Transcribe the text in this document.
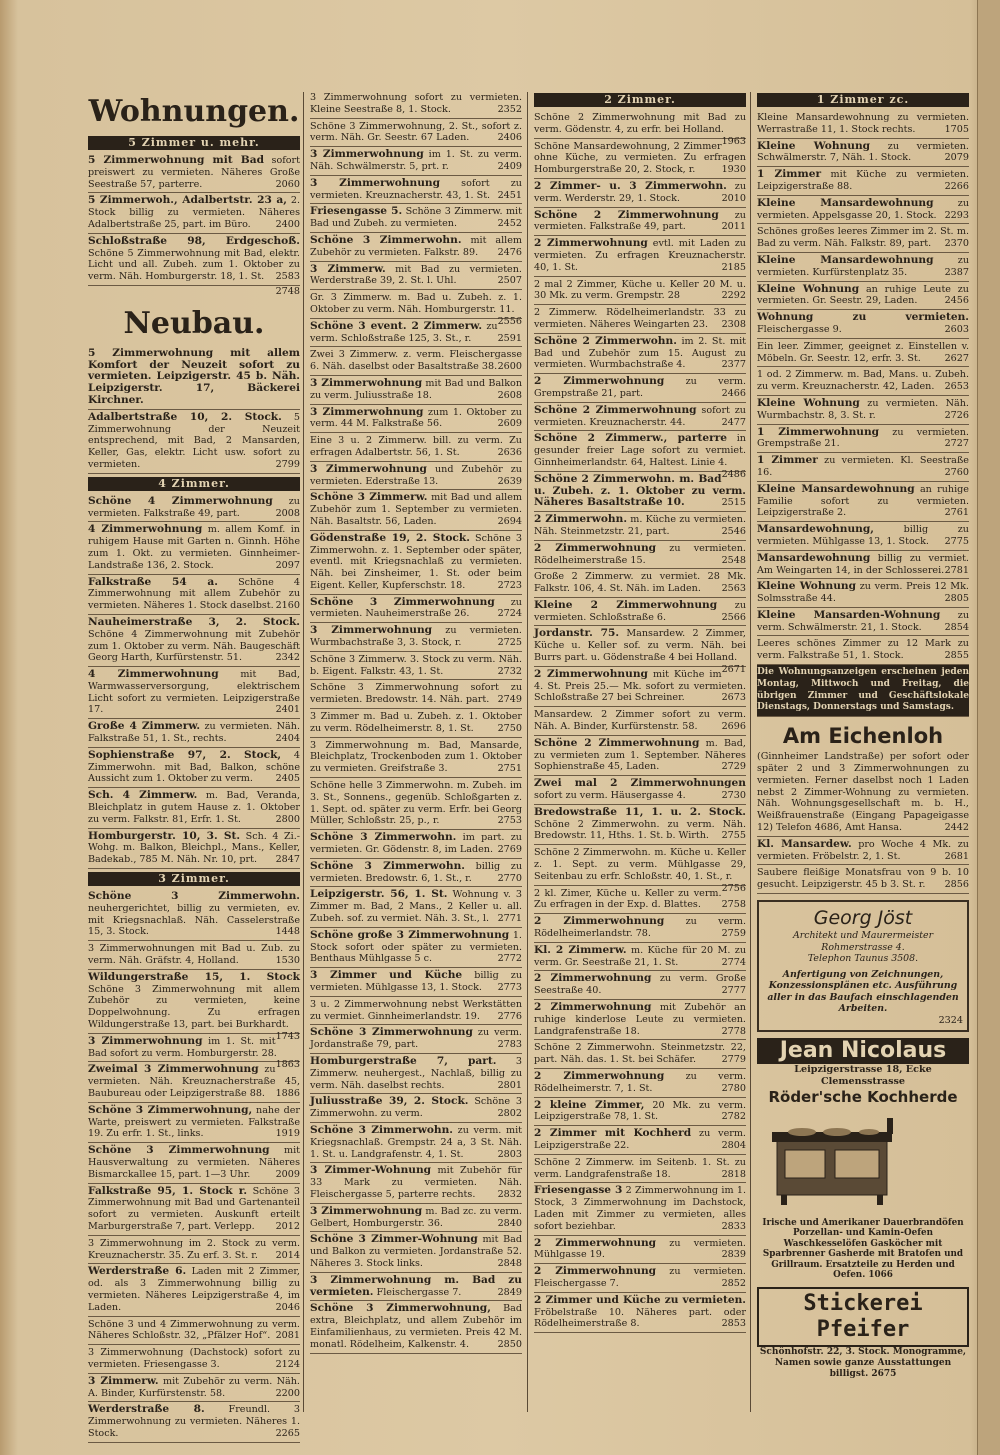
Wohnungen.
5 Zimmer u. mehr.
5 Zimmerwohnung mit Bad sofort preiswert zu vermieten. Näheres Große Seestraße 57, parterre.	2060
5 Zimmerwoh., Adalbertstr. 23 a, 2. Stock billig zu vermieten. Näheres Adalbertstraße 25, part. im Büro.	2400
Schloßstraße 98, Erdgeschoß. Schöne 5 Zimmerwohnung mit Bad, elektr. Licht und all. Zubeh. zum 1. Oktober zu verm. Näh. Homburgerstr. 18, 1. St. 2583
2748
Neubau.
5 Zimmerwohnung mit allem Komfort der Neuzeit sofort zu vermieten. Leipzigerstr. 45 b. Näh. Leipzigerstr. 17, Bäckerei Kirchner.
Adalbertstraße 10, 2. Stock. 5 Zimmerwohnung der Neuzeit entsprechend, mit Bad, 2 Mansarden, Keller, Gas, elektr. Licht usw. sofort zu vermieten.	2799
4 Zimmer.
Schöne 4 Zimmerwohnung zu vermieten. Falkstraße 49, part.	2008
4 Zimmerwohnung m. allem Komf. in ruhigem Hause mit Garten n. Ginnh. Höhe zum 1. Okt. zu vermieten. Ginnheimer-Landstraße 136, 2. Stock.	2097
Falkstraße 54 a. Schöne 4 Zimmerwohnung mit allem Zubehör zu vermieten. Näheres 1. Stock daselbst. 2160
Nauheimerstraße 3, 2. Stock. Schöne 4 Zimmerwohnung mit Zubehör zum 1. Oktober zu verm. Näh. Baugeschäft Georg Harth, Kurfürstenstr. 51.	2342
4 Zimmerwohnung mit Bad, Warmwasserversorgung, elektrischem Licht sofort zu vermieten. Leipzigerstraße 17.	2401
Große 4 Zimmerw. zu vermieten. Näh. Falkstraße 51, 1. St., rechts.	2404
Sophienstraße 97, 2. Stock, 4 Zimmerwohn. mit Bad, Balkon, schöne Aussicht zum 1. Oktober zu verm. 2405
Sch. 4 Zimmerw. m. Bad, Veranda, Bleichplatz in gutem Hause z. 1. Oktober zu verm. Falkstr. 81, Erfr. 1. St.	2800
Homburgerstr. 10, 3. St. Sch. 4 Zi.-Wohg. m. Balkon, Bleichpl., Mans., Keller, Badekab., 785 M. Näh. Nr. 10, prt. 2847
3 Zimmer.
Schöne 3 Zimmerwohn. neuhergerichtet, billig zu vermieten, ev. mit Kriegsnachlaß. Näh. Casselerstraße 15, 3. Stock.	1448
3 Zimmerwohnungen mit Bad u. Zub. zu verm. Näh. Gräfstr. 4, Holland.	1530
Wildungerstraße 15, 1. Stock Schöne 3 Zimmerwohnung mit allem Zubehör zu vermieten, keine Doppelwohnung. Zu erfragen Wildungerstraße 13, part. bei Burkhardt.
1743
3 Zimmerwohnung im 1. St. mit Bad sofort zu verm. Homburgerstr. 28.
1863
Zweimal 3 Zimmerwohnung zu vermieten. Näh. Kreuznacherstraße 45, Baubureau oder Leipzigerstraße 88. 1886
Schöne 3 Zimmerwohnung, nahe der Warte, preiswert zu vermieten. Falkstraße 19. Zu erfr. 1. St., links.	1919
Schöne 3 Zimmerwohnung mit Hausverwaltung zu vermieten. Näheres Bismarckallee 15, part. 1—3 Uhr.	2009
Falkstraße 95, 1. Stock r. Schöne 3 Zimmerwohnung mit Bad und Gartenanteil sofort zu vermieten. Auskunft erteilt Marburgerstraße 7, part. Verlepp. 2012
3 Zimmerwohnung im 2. Stock zu verm. Kreuznacherstr. 35. Zu erf. 3. St. r. 2014
Werderstraße 6. Laden mit 2 Zimmer, od. als 3 Zimmerwohnung billig zu vermieten. Näheres Leipzigerstraße 4, im Laden.	2046
Schöne 3 und 4 Zimmerwohnung zu verm. Näheres Schloßstr. 32, „Pfälzer Hof“. 2081
3 Zimmerwohnung (Dachstock) sofort zu vermieten. Friesengasse 3.	2124
3 Zimmerw. mit Zubehör zu verm. Näh. A. Binder, Kurfürstenstr. 58.	2200
Werderstraße 8. Freundl. 3 Zimmerwohnung zu vermieten. Näheres 1. Stock.	2265
3 Zimmerwohnung sofort zu vermieten. Kleine Seestraße 8, 1. Stock.	2352
Schöne 3 Zimmerwohnung, 2. St., sofort z. verm. Näh. Gr. Seestr. 67 Laden.	2406
3 Zimmerwohnung im 1. St. zu verm. Näh. Schwälmerstr. 5, prt. r.	2409
3 Zimmerwohnung sofort zu vermieten. Kreuznacherstr. 43, 1. St. 2451
Friesengasse 5. Schöne 3 Zimmerw. mit Bad und Zubeh. zu vermieten.	2452
Schöne 3 Zimmerwohn. mit allem Zubehör zu vermieten. Falkstr. 89. 2476
3 Zimmerw. mit Bad zu vermieten. Werderstraße 39, 2. St. l. Uhl.	2507
Gr. 3 Zimmerw. m. Bad u. Zubeh. z. 1. Oktober zu verm. Näh. Homburgerstr. 11.
2556
Schöne 3 event. 2 Zimmerw. zu verm. Schloßstraße 125, 3. St., r.	2591
Zwei 3 Zimmerw. z. verm. Fleischergasse 6. Näh. daselbst oder Basaltstraße 38. 2600
3 Zimmerwohnung mit Bad und Balkon zu verm. Juliusstraße 18.	2608
3 Zimmerwohnung zum 1. Oktober zu verm. 44 M. Falkstraße 56.	2609
Eine 3 u. 2 Zimmerw. bill. zu verm. Zu erfragen Adalbertstr. 56, 1. St.	2636
3 Zimmerwohnung und Zubehör zu vermieten. Ederstraße 13.	2639
Schöne 3 Zimmerw. mit Bad und allem Zubehör zum 1. September zu vermieten. Näh. Basaltstr. 56, Laden.	2694
Gödenstraße 19, 2. Stock. Schöne 3 Zimmerwohn. z. 1. September oder später, eventl. mit Kriegsnachlaß zu vermieten. Näh. bei Zinsheimer, 1. St. oder beim Eigent. Keller, Kupferschstr. 18.	2723
Schöne 3 Zimmerwohnung zu vermieten. Nauheimerstraße 26.	2724
3 Zimmerwohnung zu vermieten. Wurmbachstraße 3, 3. Stock, r.	2725
Schöne 3 Zimmerw. 3. Stock zu verm. Näh. b. Eigent. Falkstr. 43, 1. St.	2732
Schöne 3 Zimmerwohnung sofort zu vermieten. Bredowstr. 14. Näh. part. 2749
3 Zimmer m. Bad u. Zubeh. z. 1. Oktober zu verm. Rödelheimerstr. 8, 1. St. 2750
3 Zimmerwohnung m. Bad, Mansarde, Bleichplatz, Trockenboden zum 1. Oktober zu vermieten. Greifstraße 3.	2751
Schöne helle 3 Zimmerwohn. m. Zubeh. im 3. St., Sonnens., gegenüb. Schloßgarten z. 1. Sept. od. später zu verm. Erfr. bei Georg Müller, Schloßstr. 25, p., r.	2753
Schöne 3 Zimmerwohn. im part. zu vermieten. Gr. Gödenstr. 8, im Laden. 2769
Schöne 3 Zimmerwohn. billig zu vermieten. Bredowstr. 6, 1. St., r.	2770
Leipzigerstr. 56, 1. St. Wohnung v. 3 Zimmer m. Bad, 2 Mans., 2 Keller u. all. Zubeh. sof. zu vermiet. Näh. 3. St., l. 2771
Schöne große 3 Zimmerwohnung 1. Stock sofort oder später zu vermieten. Benthaus Mühlgasse 5 c.	2772
3 Zimmer und Küche billig zu vermieten. Mühlgasse 13, 1. Stock. 2773
3 u. 2 Zimmerwohnung nebst Werkstätten zu vermiet. Ginnheimerlandstr. 19. 2776
Schöne 3 Zimmerwohnung zu verm. Jordanstraße 79, part.	2783
Homburgerstraße 7, part. 3 Zimmerw. neuhergest., Nachlaß, billig zu verm. Näh. daselbst rechts.	2801
Juliusstraße 39, 2. Stock. Schöne 3 Zimmerwohn. zu verm.	2802
Schöne 3 Zimmerwohn. zu verm. mit Kriegsnachlaß. Grempstr. 24 a, 3 St. Näh. 1. St. u. Landgrafenstr. 4, 1. St.	2803
3 Zimmer-Wohnung mit Zubehör für 33 Mark zu vermieten. Näh. Fleischergasse 5, parterre rechts. 2832
3 Zimmerwohnung m. Bad zc. zu verm. Gelbert, Homburgerstr. 36.	2840
Schöne 3 Zimmer-Wohnung mit Bad und Balkon zu vermieten. Jordanstraße 52. Näheres 3. Stock links.	2848
3 Zimmerwohnung m. Bad zu vermieten. Fleischergasse 7.	2849
Schöne 3 Zimmerwohnung, Bad extra, Bleichplatz, und allem Zubehör im Einfamilienhaus, zu vermieten. Preis 42 M. monatl. Rödelheim, Kalkenstr. 4.	2850
2 Zimmer.
Schöne 2 Zimmerwohnung mit Bad zu verm. Gödenstr. 4, zu erfr. bei Holland.
1963
Schöne Mansardewohnung, 2 Zimmer ohne Küche, zu vermieten. Zu erfragen Homburgerstraße 20, 2. Stock, r.	1930
2 Zimmer- u. 3 Zimmerwohn. zu verm. Werderstr. 29, 1. Stock.	2010
Schöne 2 Zimmerwohnung zu vermieten. Falkstraße 49, part.	2011
2 Zimmerwohnung evtl. mit Laden zu vermieten. Zu erfragen Kreuznacherstr. 40, 1. St.	2185
2 mal 2 Zimmer, Küche u. Keller 20 M. u. 30 Mk. zu verm. Grempstr. 28	2292
2 Zimmerw. Rödelheimerlandstr. 33 zu vermieten. Näheres Weingarten 23. 2308
Schöne 2 Zimmerwohn. im 2. St. mit Bad und Zubehör zum 15. August zu vermieten. Wurmbachstraße 4.	2377
2 Zimmerwohnung zu verm. Grempstraße 21, part.	2466
Schöne 2 Zimmerwohnung sofort zu vermieten. Kreuznacherstr. 44.	2477
Schöne 2 Zimmerw., parterre in gesunder freier Lage sofort zu vermiet. Ginnheimerlandstr. 64, Haltest. Linie 4.
2486
Schöne 2 Zimmerwohn. m. Bad u. Zubeh. z. 1. Oktober zu verm. Näheres Basaltstraße 10.	2515
2 Zimmerwohn. m. Küche zu vermieten. Näh. Steinmetzstr. 21, part.	2546
2 Zimmerwohnung zu vermieten. Rödelheimerstraße 15.	2548
Große 2 Zimmerw. zu vermiet. 28 Mk. Falkstr. 106, 4. St. Näh. im Laden. 2563
Kleine 2 Zimmerwohnung zu vermieten. Schloßstraße 6.	2566
Jordanstr. 75. Mansardew. 2 Zimmer, Küche u. Keller sof. zu verm. Näh. bei Burrs part. u. Gödenstraße 4 bei Holland.
2671
2 Zimmerwohnung mit Küche im 4. St. Preis 25.— Mk. sofort zu vermieten. Schloßstraße 27 bei Schreiner.	2673
Mansardew. 2 Zimmer sofort zu verm. Näh. A. Binder, Kurfürstenstr. 58.	2696
Schöne 2 Zimmerwohnung m. Bad, zu vermieten zum 1. September. Näheres Sophienstraße 45, Laden.	2729
Zwei mal 2 Zimmerwohnungen sofort zu verm. Häusergasse 4.	2730
Bredowstraße 11, 1. u. 2. Stock. Schöne 2 Zimmerwohn. zu verm. Näh. Bredowstr. 11, Hths. 1. St. b. Wirth. 2755
Schöne 2 Zimmerwohn. m. Küche u. Keller z. 1. Sept. zu verm. Mühlgasse 29, Seitenbau zu erfr. Schloßstr. 40, 1. St., r.
2756
2 kl. Zimer, Küche u. Keller zu verm. Zu erfragen in der Exp. d. Blattes. 2758
2 Zimmerwohnung zu verm. Rödelheimerlandstr. 78.	2759
Kl. 2 Zimmerw. m. Küche für 20 M. zu verm. Gr. Seestraße 21, 1. St.	2774
2 Zimmerwohnung zu verm. Große Seestraße 40.	2777
2 Zimmerwohnung mit Zubehör an ruhige kinderlose Leute zu vermieten. Landgrafenstraße 18.	2778
Schöne 2 Zimmerwohn. Steinmetzstr. 22, part. Näh. das. 1. St. bei Schäfer.	2779
2 Zimmerwohnung zu verm. Rödelheimerstr. 7, 1. St.	2780
2 kleine Zimmer, 20 Mk. zu verm. Leipzigerstraße 78, 1. St.	2782
2 Zimmer mit Kochherd zu verm. Leipzigerstraße 22.	2804
Schöne 2 Zimmerw. im Seitenb. 1. St. zu verm. Landgrafenstraße 18.	2818
Friesengasse 3 2 Zimmerwohnung im 1. Stock, 3 Zimmerwohnung im Dachstock, Laden mit Zimmer zu vermieten, alles sofort beziehbar.	2833
2 Zimmerwohnung zu vermieten. Mühlgasse 19.	2839
2 Zimmerwohnung zu vermieten. Fleischergasse 7.	2852
2 Zimmer und Küche zu vermieten. Fröbelstraße 10. Näheres part. oder Rödelheimerstraße 8.	2853
1 Zimmer zc.
Kleine Mansardewohnung zu vermieten. Werrastraße 11, 1. Stock rechts.	1705
Kleine Wohnung zu vermieten. Schwälmerstr. 7, Näh. 1. Stock.	2079
1 Zimmer mit Küche zu vermieten. Leipzigerstraße 88.	2266
Kleine Mansardewohnung	zu vermieten. Appelsgasse 20, 1. Stock. 2293
Schönes großes leeres Zimmer im 2. St. m. Bad zu verm. Näh. Falkstr. 89, part. 2370
Kleine Mansardewohnung	zu vermieten. Kurfürstenplatz 35.	2387
Kleine Wohnung an ruhige Leute zu vermieten. Gr. Seestr. 29, Laden.	2456
Wohnung zu vermieten. Fleischergasse 9.	2603
Ein leer. Zimmer, geeignet z. Einstellen v. Möbeln. Gr. Seestr. 12, erfr. 3. St. 2627
1 od. 2 Zimmerw. m. Bad, Mans. u. Zubeh. zu verm. Kreuznacherstr. 42, Laden. 2653
Kleine Wohnung zu vermieten. Näh. Wurmbachstr. 8, 3. St. r.	2726
1 Zimmerwohnung zu vermieten. Grempstraße 21.	2727
1 Zimmer zu vermieten. Kl. Seestraße 16.	2760
Kleine Mansardewohnung an ruhige Familie sofort zu vermieten. Leipzigerstraße 2.	2761
Mansardewohnung,	billig zu vermieten. Mühlgasse 13, 1. Stock. 2775
Mansardewohnung billig zu vermiet. Am Weingarten 14, in der Schlosserei. 2781
Kleine Wohnung zu verm. Preis 12 Mk. Solmsstraße 44.	2805
Kleine Mansarden-Wohnung zu verm. Schwälmerstr. 21, 1. Stock. 2854
Leeres schönes Zimmer zu 12 Mark zu verm. Falkstraße 51, 1. Stock.	2855
Die Wohnungsanzeigen erscheinen jeden Montag, Mittwoch und Freitag, die übrigen Zimmer und Geschäftslokale Dienstags, Donnerstags und Samstags.
Am Eichenloh
(Ginnheimer Landstraße) per sofort oder später 2 und 3 Zimmerwohnungen zu vermieten. Ferner daselbst noch 1 Laden nebst 2 Zimmer-Wohnung zu vermieten. Näh. Wohnungsgesellschaft m. b. H., Weißfrauenstraße (Eingang Papageigasse 12) Telefon 4686, Amt Hansa.	2442
Kl. Mansardew. pro Woche 4 Mk. zu vermieten. Fröbelstr. 2, 1. St.	2681
Saubere fleißige Monatsfrau von 9 b. 10 gesucht. Leipzigerstr. 45 b 3. St. r. 2856
Georg Jöst
Architekt und Maurermeister
Rohmerstrasse 4.
Telephon Taunus 3508.
Anfertigung von Zeichnungen, Konzessionsplänen etc. Ausführung aller in das Baufach einschlagenden Arbeiten.
2324
Jean Nicolaus
Leipzigerstrasse 18, Ecke Clemensstrasse
Röder'sche Kochherde
Irische und Amerikaner Dauerbrandöfen Porzellan- und Kamin-Oefen Waschkesselöfen Gasköcher mit Sparbrenner Gasherde mit Bratofen und Grillraum. Ersatzteile zu Herden und Oefen. 1066
Stickerei Pfeifer
Schönhofstr. 22, 3. Stock. Monogramme, Namen sowie ganze Ausstattungen billigst. 2675
